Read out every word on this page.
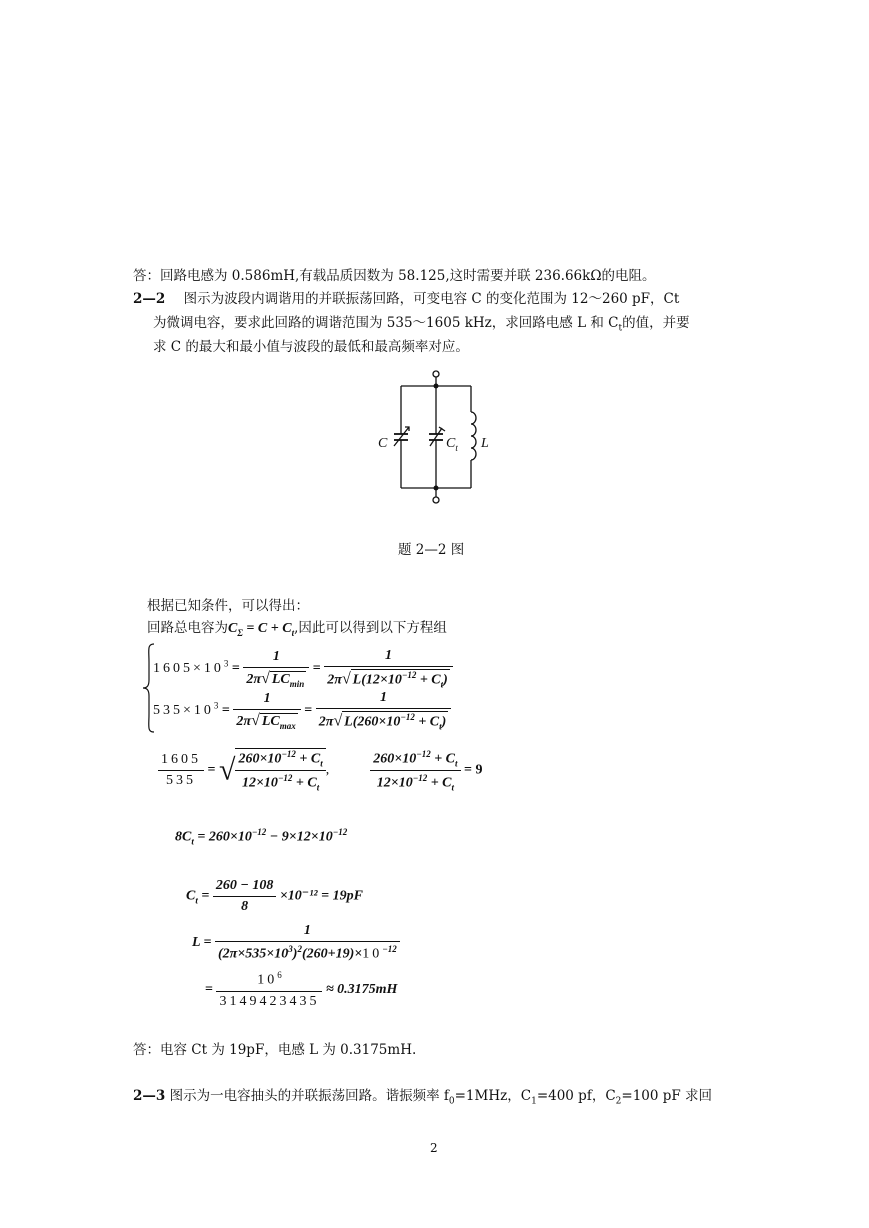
答：回路电感为 0.586mH,有载品质因数为 58.125,这时需要并联 236.66kΩ的电阻。
2—2 图示为波段内调谐用的并联振荡回路，可变电容 C 的变化范围为 12～260 pF，Ct
为微调电容，要求此回路的调谐范围为 535～1605 kHz，求回路电感 L 和 $C_t$的值，并要
求 C 的最大和最小值与波段的最低和最高频率对应。
C	$C_t$ L
题 2—2 图
根据已知条件，可以得出：
回路总电容为$C_\Sigma = C + C_t$,因此可以得到以下方程组
$1605\times 10^3 = \frac{1}{2\pi√ LC_{min}} = \frac{1}{2\pi√ L(12\times 10^{-12} + C_t)}$
$535\times 10^3 = \frac{1}{2\pi√ LC_{max}} = \frac{1}{2\pi√ L(260\times 10^{-12} + C_t)}$
$\frac{1605}{535}$ = √ $\frac{260\times 10^{-12} + C_t}{12\times 10^{-12} + C_t}$ ,	$\frac{260\times 10^{-12} + C_t}{12\times 10^{-12} + C_t} = 9$
$8C_t = 260\times 10^{-12} - 9\times 12\times 10^{-12}$
$C_t = \frac{260 - 108}{8} \times 10^{-12} = 19pF$
$L = \frac{1}{(2\pi\times 535\times 10^3)^2(260+19)\times 10^{-12}}$
= $\frac{10^6}{3149423435} \approx 0.3175mH$
答：电容 Ct 为 19pF，电感 L 为 0.3175mH.
2—3 图示为一电容抽头的并联振荡回路。谐振频率 $f_0=1MHz$，$C_1=400$ pf，$C_2=100$ pF 求回
2
